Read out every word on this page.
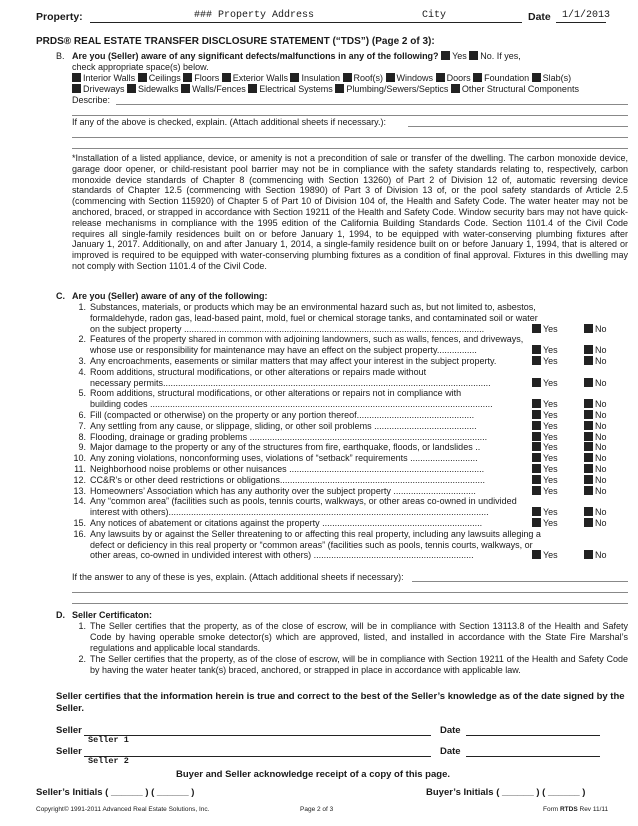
Property:	### Property Address	City	Date 1/1/2013
PRDS® REAL ESTATE TRANSFER DISCLOSURE STATEMENT (“TDS”) (Page 2 of 3):
B. Are you (Seller) aware of any significant defects/malfunctions in any of the following? Yes No. If yes,
check appropriate space(s) below.
Interior Walls Ceilings Floors Exterior Walls Insulation Roof(s) Windows Doors Foundation Slab(s)
Driveways Sidewalks Walls/Fences Electrical Systems Plumbing/Sewers/Septics Other Structural Components
Describe:
If any of the above is checked, explain. (Attach additional sheets if necessary.):
*Installation of a listed appliance, device, or amenity is not a precondition of sale or transfer of the dwelling. The carbon monoxide device, garage door opener, or child-resistant pool barrier may not be in compliance with the safety standards relating to, respectively, carbon monoxide device standards of Chapter 8 (commencing with Section 13260) of Part 2 of Division 12 of, automatic reversing device standards of Chapter 12.5 (commencing with Section 19890) of Part 3 of Division 13 of, or the pool safety standards of Article 2.5 (commencing with Section 115920) of Chapter 5 of Part 10 of Division 104 of, the Health and Safety Code. The water heater may not be anchored, braced, or strapped in accordance with Section 19211 of the Health and Safety Code. Window security bars may not have quick-release mechanisms in compliance with the 1995 edition of the California Building Standards Code. Section 1101.4 of the Civil Code requires all single-family residences built on or before January 1, 1994, to be equipped with water-conserving plumbing fixtures after January 1, 2017. Additionally, on and after January 1, 2014, a single-family residence built on or before January 1, 1994, that is altered or improved is required to be equipped with water-conserving plumbing fixtures as a condition of final approval. Fixtures in this dwelling may not comply with Section 1101.4 of the Civil Code.
C. Are you (Seller) aware of any of the following:
1. Substances, materials, or products which may be an environmental hazard such as, but not limited to, asbestos,
formaldehyde, radon gas, lead-based paint, mold, fuel or chemical storage tanks, and contaminated soil or water
on the subject property ........................................................................................................................	Yes	No
2. Features of the property shared in common with adjoining landowners, such as walls, fences, and driveways,
whose use or responsibility for maintenance may have an effect on the subject property................	Yes	No
3. Any encroachments, easements or similar matters that may affect your interest in the subject property.	Yes	No
4. Room additions, structural modifications, or other alterations or repairs made without
necessary permits...................................................................................................................................	Yes	No
5. Room additions, structural modifications, or other alterations or repairs not in compliance with
building codes .........................................................................................................................................	Yes	No
6. Fill (compacted or otherwise) on the property or any portion thereof...............................................	Yes	No
7. Any settling from any cause, or slippage, sliding, or other soil problems .........................................	Yes	No
8. Flooding, drainage or grading problems ...............................................................................................	Yes	No
9. Major damage to the property or any of the structures from fire, earthquake, floods, or landslides ..	Yes	No
10. Any zoning violations, nonconforming uses, violations of “setback” requirements ...........................	Yes	No
11. Neighborhood noise problems or other nuisances ..............................................................................	Yes	No
12. CC&R’s or other deed restrictions or obligations..................................................................................	Yes	No
13. Homeowners’ Association which has any authority over the subject property .................................	Yes	No
14. Any “common area” (facilities such as pools, tennis courts, walkways, or other areas co-owned in undivided
interest with others)................................................................................................................................	Yes	No
15. Any notices of abatement or citations against the property ................................................................	Yes	No
16. Any lawsuits by or against the Seller threatening to or affecting this real property, including any lawsuits alleging a
defect or deficiency in this real property or “common areas” (facilities such as pools, tennis courts, walkways, or
other areas, co-owned in undivided interest with others) ................................................................	Yes	No
If the answer to any of these is yes, explain. (Attach additional sheets if necessary):
D. Seller Certificaton:
1. The Seller certifies that the property, as of the close of escrow, will be in compliance with Section 13113.8 of the Health and Safety Code by having operable smoke detector(s) which are approved, listed, and installed in accordance with the State Fire Marshal’s regulations and applicable local standards.
2. The Seller certifies that the property, as of the close of escrow, will be in compliance with Section 19211 of the Health and Safety Code by having the water heater tank(s) braced, anchored, or strapped in place in accordance with applicable law.
Seller certifies that the information herein is true and correct to the best of the Seller’s knowledge as of the date signed by the Seller.
Seller
Seller 1
Date
Seller
Seller 2
Date
Buyer and Seller acknowledge receipt of a copy of this page.
Seller’s Initials ( ______ ) ( ______ )	Buyer’s Initials ( ______ ) ( ______ )
Copyright© 1991-2011 Advanced Real Estate Solutions, Inc.	Page 2 of 3	Form RTDS Rev 11/11
